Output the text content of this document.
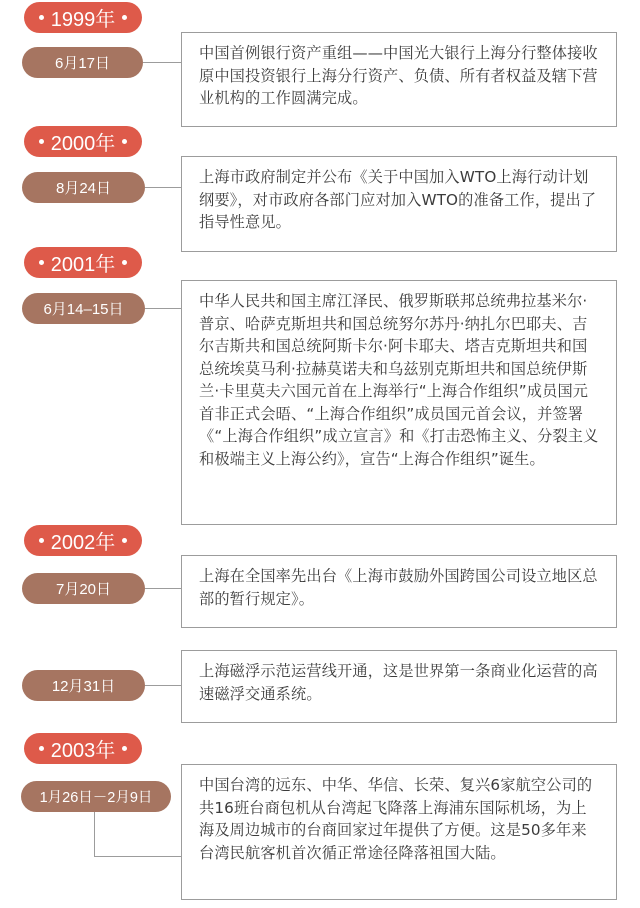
1999年
6月17日
中国首例银行资产重组——中国光大银行上海分行整体接收原中国投资银行上海分行资产、负债、所有者权益及辖下营业机构的工作圆满完成。
2000年
8月24日
上海市政府制定并公布《关于中国加入WTO上海行动计划纲要》，对市政府各部门应对加入WTO的准备工作，提出了指导性意见。
2001年
6月14–15日	中华人民共和国主席江泽民、俄罗斯联邦总统弗拉基米尔·普京、哈萨克斯坦共和国总统努尔苏丹·纳扎尔巴耶夫、吉尔吉斯共和国总统阿斯卡尔·阿卡耶夫、塔吉克斯坦共和国总统埃莫马利·拉赫莫诺夫和乌兹别克斯坦共和国总统伊斯兰·卡里莫夫六国元首在上海举行“上海合作组织”成员国元首非正式会晤、“上海合作组织”成员国元首会议，并签署《“上海合作组织”成立宣言》和《打击恐怖主义、分裂主义和极端主义上海公约》，宣告“上海合作组织”诞生。
2002年
7月20日
上海在全国率先出台《上海市鼓励外国跨国公司设立地区总部的暂行规定》。
12月31日
上海磁浮示范运营线开通，这是世界第一条商业化运营的高速磁浮交通系统。
2003年
1月26日－2月9日
中国台湾的远东、中华、华信、长荣、复兴6家航空公司的共16班台商包机从台湾起飞降落上海浦东国际机场，为上海及周边城市的台商回家过年提供了方便。这是50多年来台湾民航客机首次循正常途径降落祖国大陆。
